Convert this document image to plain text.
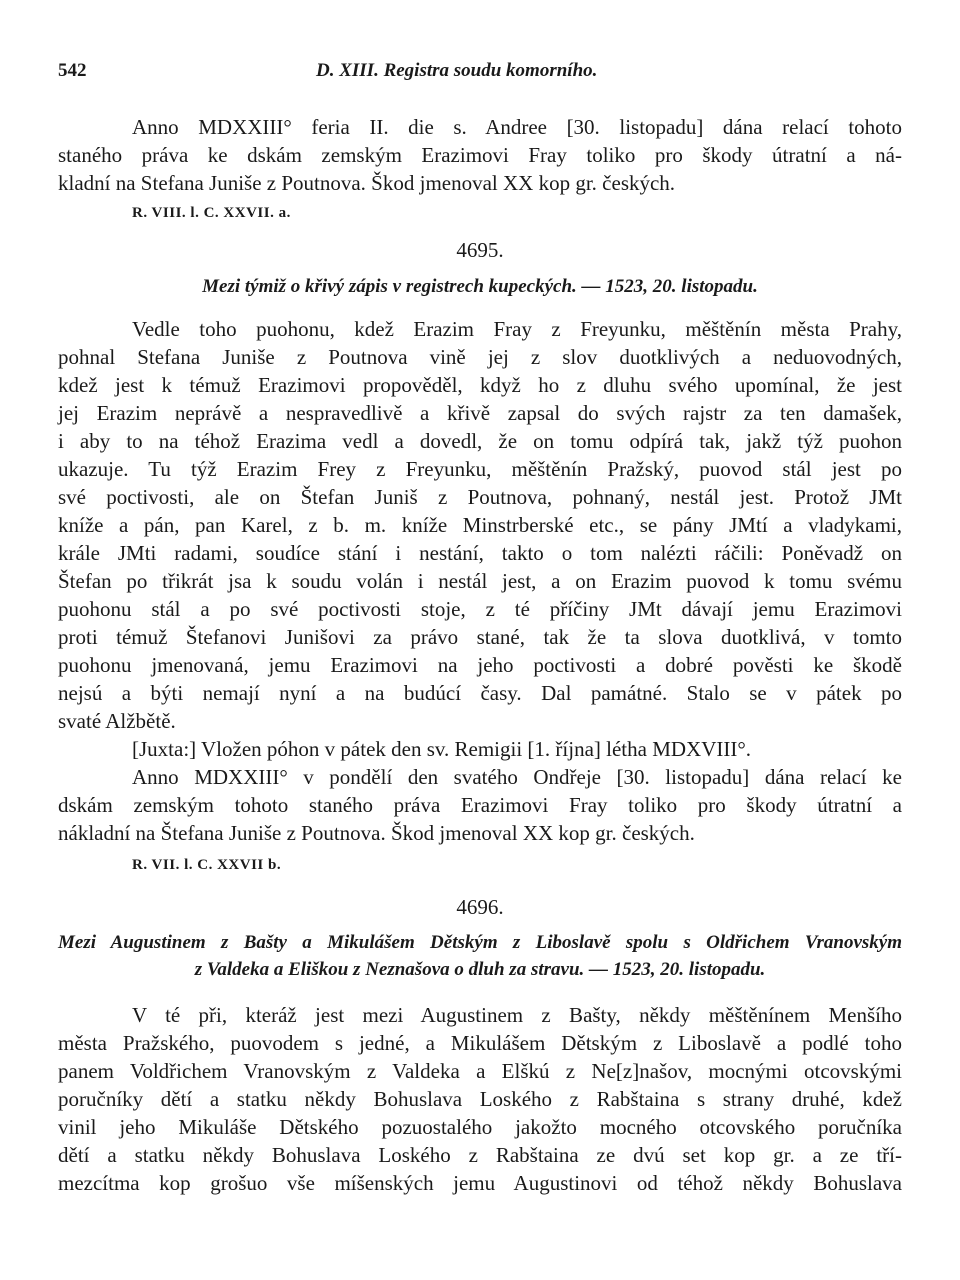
542	D. XIII. Registra soudu komorního.
Anno MDXXIII° feria II. die s. Andree [30. listopadu] dána relací tohoto
staného práva ke dskám zemským Erazimovi Fray toliko pro škody útratní a ná-
kladní na Stefana Juniše z Poutnova. Škod jmenoval XX kop gr. českých.
R. VIII. l. C. XXVII. a.
4695.
Mezi týmiž o křivý zápis v registrech kupeckých. — 1523, 20. listopadu.
Vedle toho puohonu, kdež Erazim Fray z Freyunku, měštěnín města Prahy,
pohnal Stefana Juniše z Poutnova vině jej z slov duotklivých a neduovodných,
kdež jest k témuž Erazimovi propověděl, když ho z dluhu svého upomínal, že jest
jej Erazim neprávě a nespravedlivě a křivě zapsal do svých rajstr za ten damašek,
i aby to na téhož Erazima vedl a dovedl, že on tomu odpírá tak, jakž týž puohon
ukazuje. Tu týž Erazim Frey z Freyunku, měštěnín Pražský, puovod stál jest po
své poctivosti, ale on Štefan Juniš z Poutnova, pohnaný, nestál jest. Protož JMt
kníže a pán, pan Karel, z b. m. kníže Minstrberské etc., se pány JMtí a vladykami,
krále JMti radami, soudíce stání i nestání, takto o tom nalézti ráčili: Poněvadž on
Štefan po třikrát jsa k soudu volán i nestál jest, a on Erazim puovod k tomu svému
puohonu stál a po své poctivosti stoje, z té příčiny JMt dávají jemu Erazimovi
proti témuž Štefanovi Junišovi za právo stané, tak že ta slova duotklivá, v tomto
puohonu jmenovaná, jemu Erazimovi na jeho poctivosti a dobré pověsti ke škodě
nejsú a býti nemají nyní a na budúcí časy. Dal památné. Stalo se v pátek po
svaté Alžbětě.
[Juxta:] Vložen póhon v pátek den sv. Remigii [1. října] létha MDXVIII°.
Anno MDXXIII° v pondělí den svatého Ondřeje [30. listopadu] dána relací ke
dskám zemským tohoto staného práva Erazimovi Fray toliko pro škody útratní a
nákladní na Štefana Juniše z Poutnova. Škod jmenoval XX kop gr. českých.
R. VII. l. C. XXVII b.
4696.
Mezi Augustinem z Bašty a Mikulášem Dětským z Liboslavě spolu s Oldřichem Vranovským
z Valdeka a Eliškou z Neznašova o dluh za stravu. — 1523, 20. listopadu.
V té při, kteráž jest mezi Augustinem z Bašty, někdy měštěnínem Menšího
města Pražského, puovodem s jedné, a Mikulášem Dětským z Liboslavě a podlé toho
panem Voldřichem Vranovským z Valdeka a Elškú z Ne[z]našov, mocnými otcovskými
poručníky dětí a statku někdy Bohuslava Loského z Rabštaina s strany druhé, kdež
vinil jeho Mikuláše Dětského pozuostalého jakožto mocného otcovského poručníka
dětí a statku někdy Bohuslava Loského z Rabštaina ze dvú set kop gr. a ze tří-
mezcítma kop grošuo vše míšenských jemu Augustinovi od téhož někdy Bohuslava
